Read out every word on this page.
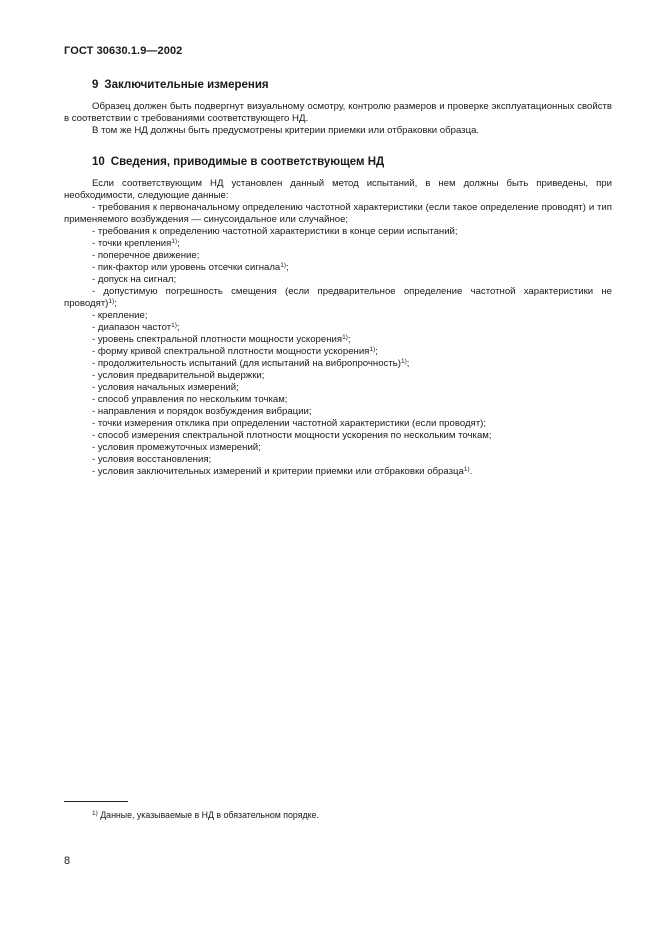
ГОСТ 30630.1.9—2002
9 Заключительные измерения

Образец должен быть подвергнут визуальному осмотру, контролю размеров и проверке эксплуатационных свойств в соответствии с требованиями соответствующего НД.

В том же НД должны быть предусмотрены критерии приемки или отбраковки образца.

10 Сведения, приводимые в соответствующем НД

Если соответствующим НД установлен данный метод испытаний, в нем должны быть приведены, при необходимости, следующие данные:

- требования к первоначальному определению частотной характеристики (если такое определение проводят) и тип применяемого возбуждения — синусоидальное или случайное;

- требования к определению частотной характеристики в конце серии испытаний;

- точки крепления$^{1)}$;

- поперечное движение;

- пик-фактор или уровень отсечки сигнала$^{1)}$;

- допуск на сигнал;

- допустимую погрешность смещения (если предварительное определение частотной характеристики не проводят)$^{1)}$;

- крепление;

- диапазон частот$^{1)}$;

- уровень спектральной плотности мощности ускорения$^{1)}$;

- форму кривой спектральной плотности мощности ускорения$^{1)}$;

- продолжительность испытаний (для испытаний на вибропрочность)$^{1)}$;

- условия предварительной выдержки;

- условия начальных измерений;

- способ управления по нескольким точкам;

- направления и порядок возбуждения вибрации;

- точки измерения отклика при определении частотной характеристики (если проводят);

- способ измерения спектральной плотности мощности ускорения по нескольким точкам;

- условия промежуточных измерений;

- условия восстановления;

- условия заключительных измерений и критерии приемки или отбраковки образца$^{1)}$.

$^{1)}$ Данные, указываемые в НД в обязательном порядке.
8
